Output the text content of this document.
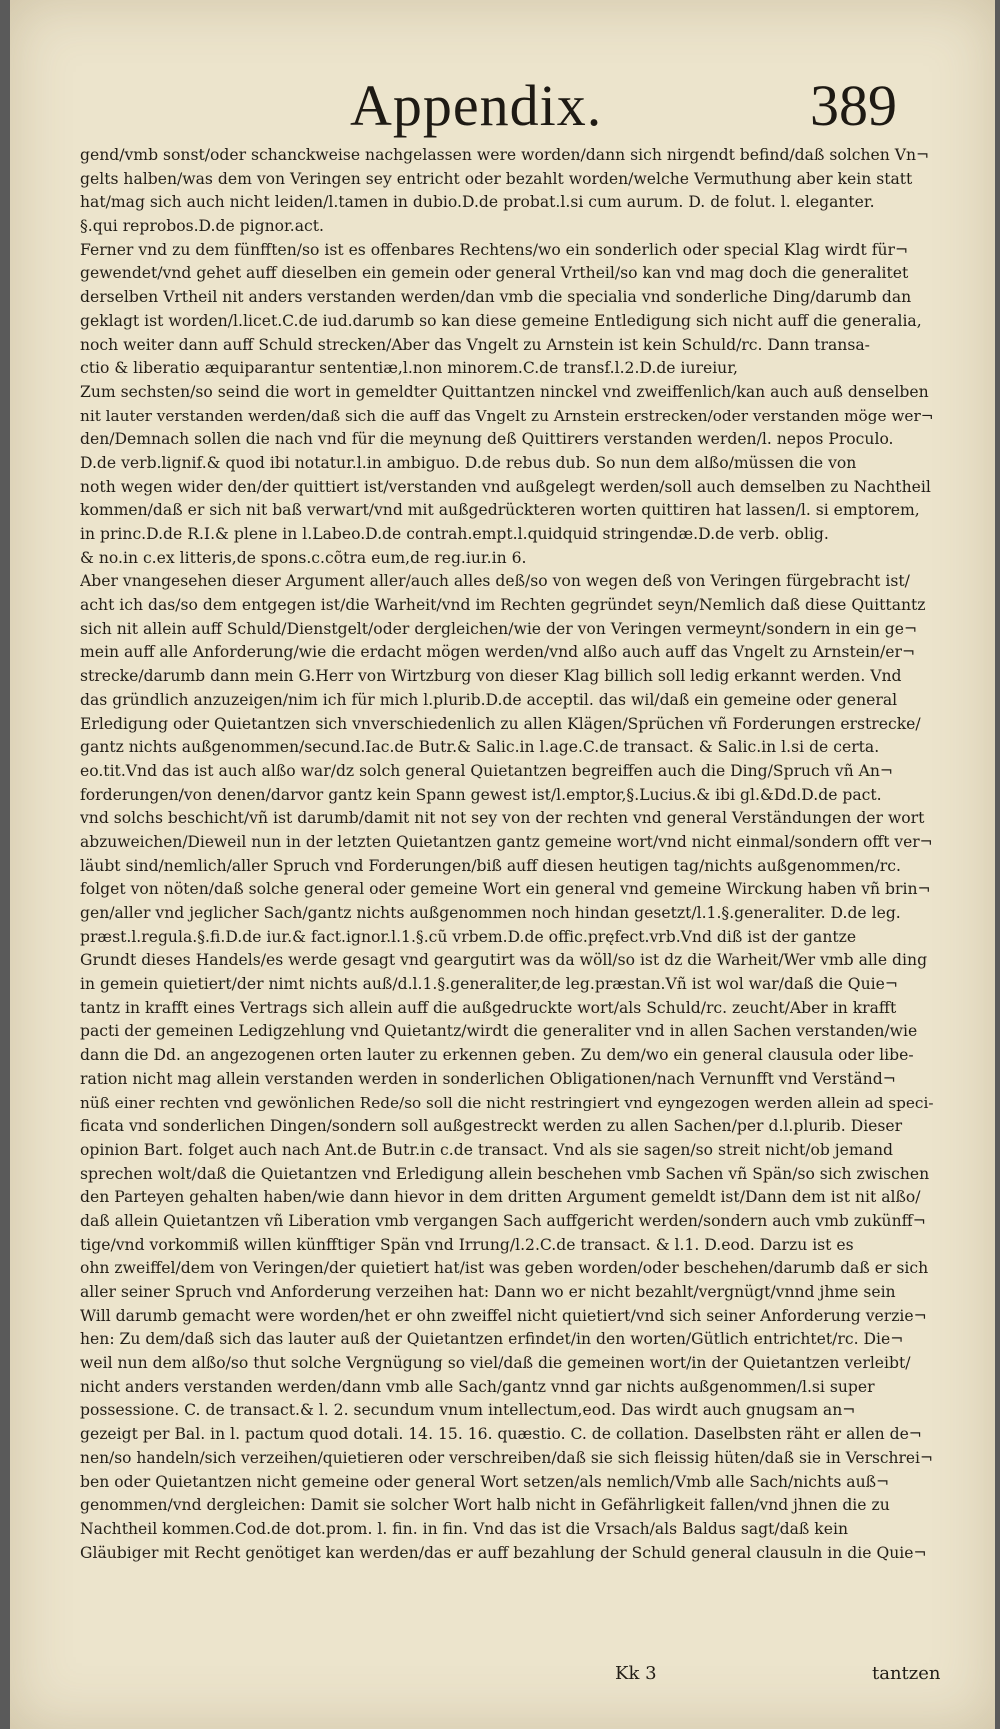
Appendix.	389
gend/vmb sonst/oder schanckweise nachgelassen were worden/dann sich nirgendt befind/daß solchen Vn¬
gelts halben/was dem von Veringen sey entricht oder bezahlt worden/welche Vermuthung aber kein statt
hat/mag sich auch nicht leiden/l.tamen in dubio.D.de probat.l.si cum aurum. D. de folut. l. eleganter.
§.qui reprobos.D.de pignor.act.
Ferner vnd zu dem fünfften/so ist es offenbares Rechtens/wo ein sonderlich oder special Klag wirdt für¬
gewendet/vnd gehet auff dieselben ein gemein oder general Vrtheil/so kan vnd mag doch die generalitet
derselben Vrtheil nit anders verstanden werden/dan vmb die specialia vnd sonderliche Ding/darumb dan
geklagt ist worden/l.licet.C.de iud.darumb so kan diese gemeine Entledigung sich nicht auff die generalia,
noch weiter dann auff Schuld strecken/Aber das Vngelt zu Arnstein ist kein Schuld/rc. Dann transa-
ctio & liberatio æquiparantur sententiæ,l.non minorem.C.de transf.l.2.D.de iureiur,
Zum sechsten/so seind die wort in gemeldter Quittantzen ninckel vnd zweiffenlich/kan auch auß denselben
nit lauter verstanden werden/daß sich die auff das Vngelt zu Arnstein erstrecken/oder verstanden möge wer¬
den/Demnach sollen die nach vnd für die meynung deß Quittirers verstanden werden/l. nepos Proculo.
D.de verb.lignif.& quod ibi notatur.l.in ambiguo. D.de rebus dub. So nun dem alßo/müssen die von
noth wegen wider den/der quittiert ist/verstanden vnd außgelegt werden/soll auch demselben zu Nachtheil
kommen/daß er sich nit baß verwart/vnd mit außgedrückteren worten quittiren hat lassen/l. si emptorem,
in princ.D.de R.I.& plene in l.Labeo.D.de contrah.empt.l.quidquid stringendæ.D.de verb. oblig.
& no.in c.ex litteris,de spons.c.cõtra eum,de reg.iur.in 6.
Aber vnangesehen dieser Argument aller/auch alles deß/so von wegen deß von Veringen fürgebracht ist/
acht ich das/so dem entgegen ist/die Warheit/vnd im Rechten gegründet seyn/Nemlich daß diese Quittantz
sich nit allein auff Schuld/Dienstgelt/oder dergleichen/wie der von Veringen vermeynt/sondern in ein ge¬
mein auff alle Anforderung/wie die erdacht mögen werden/vnd alßo auch auff das Vngelt zu Arnstein/er¬
strecke/darumb dann mein G.Herr von Wirtzburg von dieser Klag billich soll ledig erkannt werden. Vnd
das gründlich anzuzeigen/nim ich für mich l.plurib.D.de acceptil. das wil/daß ein gemeine oder general
Erledigung oder Quietantzen sich vnverschiedenlich zu allen Klägen/Sprüchen vñ Forderungen erstrecke/
gantz nichts außgenommen/secund.Iac.de Butr.& Salic.in l.age.C.de transact. & Salic.in l.si de certa.
eo.tit.Vnd das ist auch alßo war/dz solch general Quietantzen begreiffen auch die Ding/Spruch vñ An¬
forderungen/von denen/darvor gantz kein Spann gewest ist/l.emptor,§.Lucius.& ibi gl.&Dd.D.de pact.
vnd solchs beschicht/vñ ist darumb/damit nit not sey von der rechten vnd general Verständungen der wort
abzuweichen/Dieweil nun in der letzten Quietantzen gantz gemeine wort/vnd nicht einmal/sondern offt ver¬
läubt sind/nemlich/aller Spruch vnd Forderungen/biß auff diesen heutigen tag/nichts außgenommen/rc.
folget von nöten/daß solche general oder gemeine Wort ein general vnd gemeine Wirckung haben vñ brin¬
gen/aller vnd jeglicher Sach/gantz nichts außgenommen noch hindan gesetzt/l.1.§.generaliter. D.de leg.
præst.l.regula.§.fi.D.de iur.& fact.ignor.l.1.§.cũ vrbem.D.de offic.pręfect.vrb.Vnd diß ist der gantze
Grundt dieses Handels/es werde gesagt vnd geargutirt was da wöll/so ist dz die Warheit/Wer vmb alle ding
in gemein quietiert/der nimt nichts auß/d.l.1.§.generaliter,de leg.præstan.Vñ ist wol war/daß die Quie¬
tantz in krafft eines Vertrags sich allein auff die außgedruckte wort/als Schuld/rc. zeucht/Aber in krafft
pacti der gemeinen Ledigzehlung vnd Quietantz/wirdt die generaliter vnd in allen Sachen verstanden/wie
dann die Dd. an angezogenen orten lauter zu erkennen geben. Zu dem/wo ein general clausula oder libe-
ration nicht mag allein verstanden werden in sonderlichen Obligationen/nach Vernunfft vnd Verständ¬
nüß einer rechten vnd gewönlichen Rede/so soll die nicht restringiert vnd eyngezogen werden allein ad speci-
ficata vnd sonderlichen Dingen/sondern soll außgestreckt werden zu allen Sachen/per d.l.plurib. Dieser
opinion Bart. folget auch nach Ant.de Butr.in c.de transact. Vnd als sie sagen/so streit nicht/ob jemand
sprechen wolt/daß die Quietantzen vnd Erledigung allein beschehen vmb Sachen vñ Spän/so sich zwischen
den Parteyen gehalten haben/wie dann hievor in dem dritten Argument gemeldt ist/Dann dem ist nit alßo/
daß allein Quietantzen vñ Liberation vmb vergangen Sach auffgericht werden/sondern auch vmb zukünff¬
tige/vnd vorkommiß willen künfftiger Spän vnd Irrung/l.2.C.de transact. & l.1. D.eod. Darzu ist es
ohn zweiffel/dem von Veringen/der quietiert hat/ist was geben worden/oder beschehen/darumb daß er sich
aller seiner Spruch vnd Anforderung verzeihen hat: Dann wo er nicht bezahlt/vergnügt/vnnd jhme sein
Will darumb gemacht were worden/het er ohn zweiffel nicht quietiert/vnd sich seiner Anforderung verzie¬
hen: Zu dem/daß sich das lauter auß der Quietantzen erfindet/in den worten/Gütlich entrichtet/rc. Die¬
weil nun dem alßo/so thut solche Vergnügung so viel/daß die gemeinen wort/in der Quietantzen verleibt/
nicht anders verstanden werden/dann vmb alle Sach/gantz vnnd gar nichts außgenommen/l.si super
possessione. C. de transact.& l. 2. secundum vnum intellectum,eod. Das wirdt auch gnugsam an¬
gezeigt per Bal. in l. pactum quod dotali. 14. 15. 16. quæstio. C. de collation. Daselbsten räht er allen de¬
nen/so handeln/sich verzeihen/quietieren oder verschreiben/daß sie sich fleissig hüten/daß sie in Verschrei¬
ben oder Quietantzen nicht gemeine oder general Wort setzen/als nemlich/Vmb alle Sach/nichts auß¬
genommen/vnd dergleichen: Damit sie solcher Wort halb nicht in Gefährligkeit fallen/vnd jhnen die zu
Nachtheil kommen.Cod.de dot.prom. l. fin. in fin. Vnd das ist die Vrsach/als Baldus sagt/daß kein
Gläubiger mit Recht genötiget kan werden/das er auff bezahlung der Schuld general clausuln in die Quie¬
Kk 3	tantzen
